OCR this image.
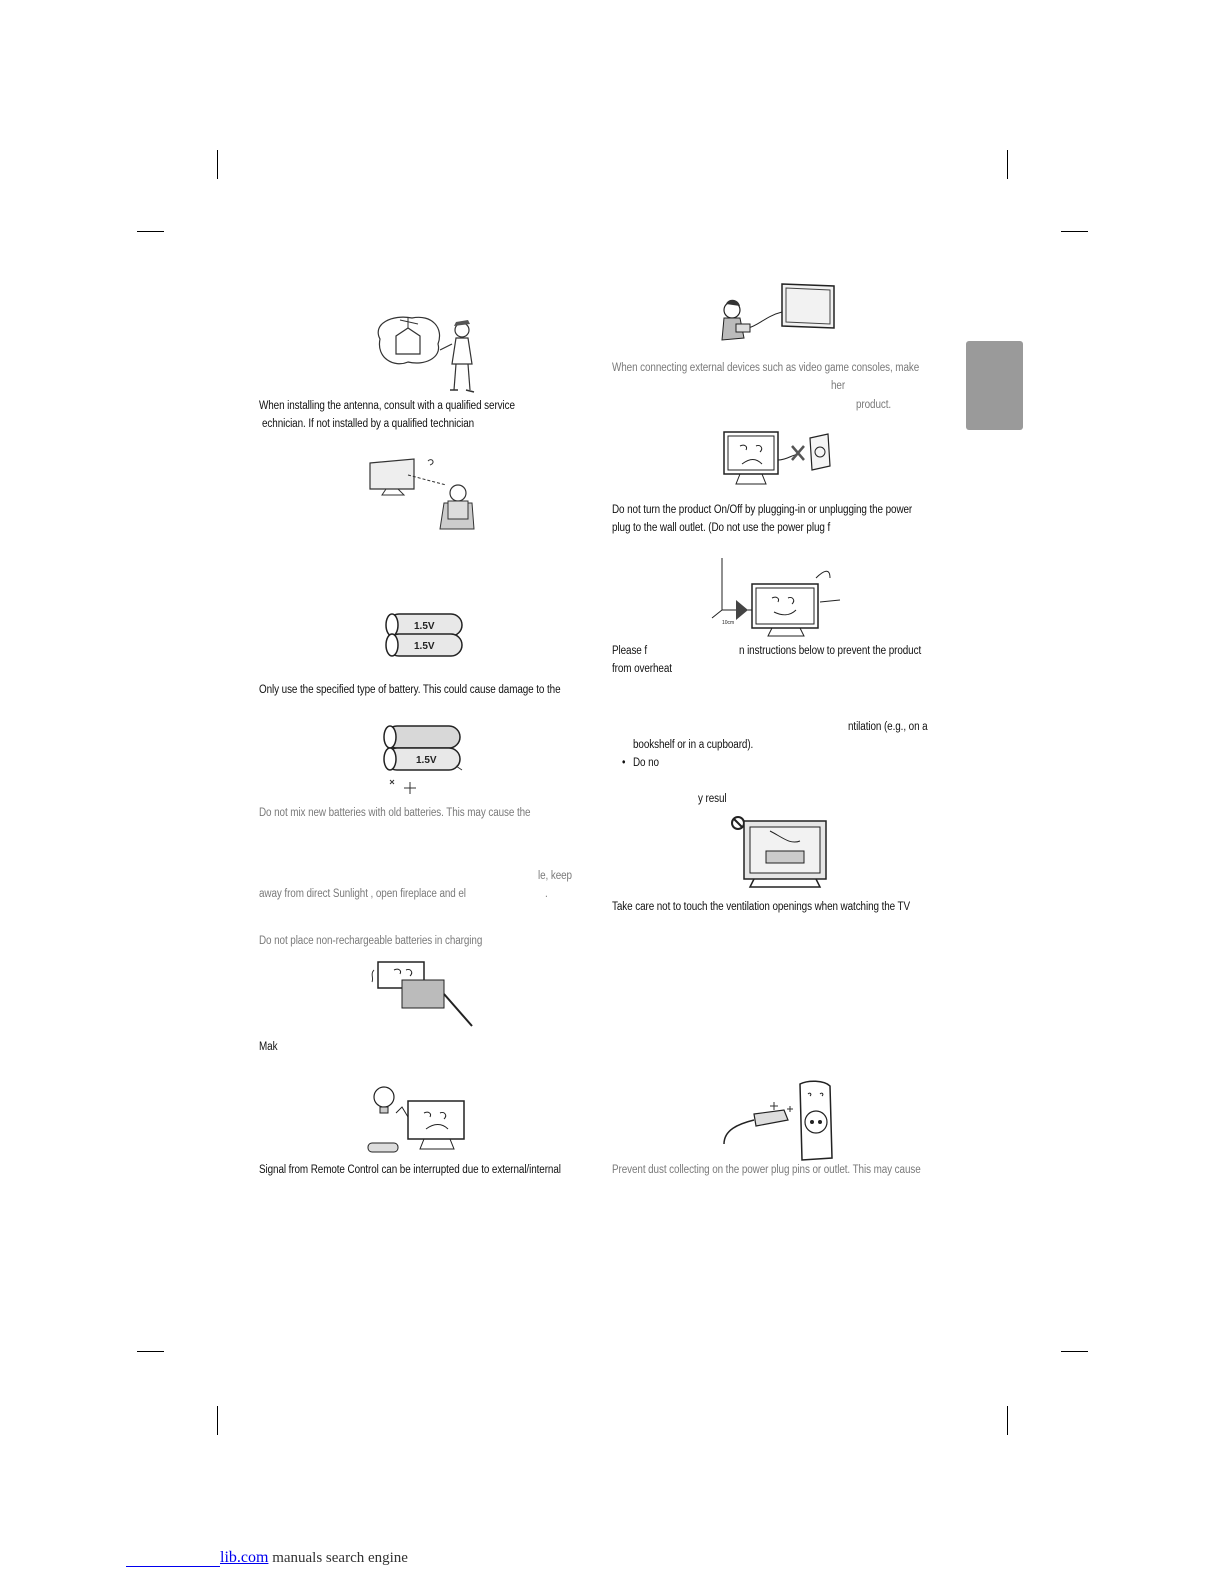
When installing the antenna, consult with a qualified service
echnician. If not installed by a qualified technician
1.5V
1.5V
Only use the specified type of battery. This could cause damage to the
1.5V
Do not mix new batteries with old batteries. This may cause the
le, keep
away from direct Sunlight , open fireplace and el	.
Do not place non-rechargeable batteries in charging
Mak
Signal from Remote Control can be interrupted due to external/internal
When connecting external devices such as video game consoles, make
her
product.
Do not turn the product On/Off by plugging-in or unplugging the power
plug to the wall outlet. (Do not use the power plug f
10cm
Please f	n instructions below to prevent the product
from overheat
ntilation (e.g., on a
bookshelf or in a cupboard).
• Do no
y resul
Take care not to touch the ventilation openings when watching the TV
Prevent dust collecting on the power plug pins or outlet. This may cause
lib.com manuals search engine
